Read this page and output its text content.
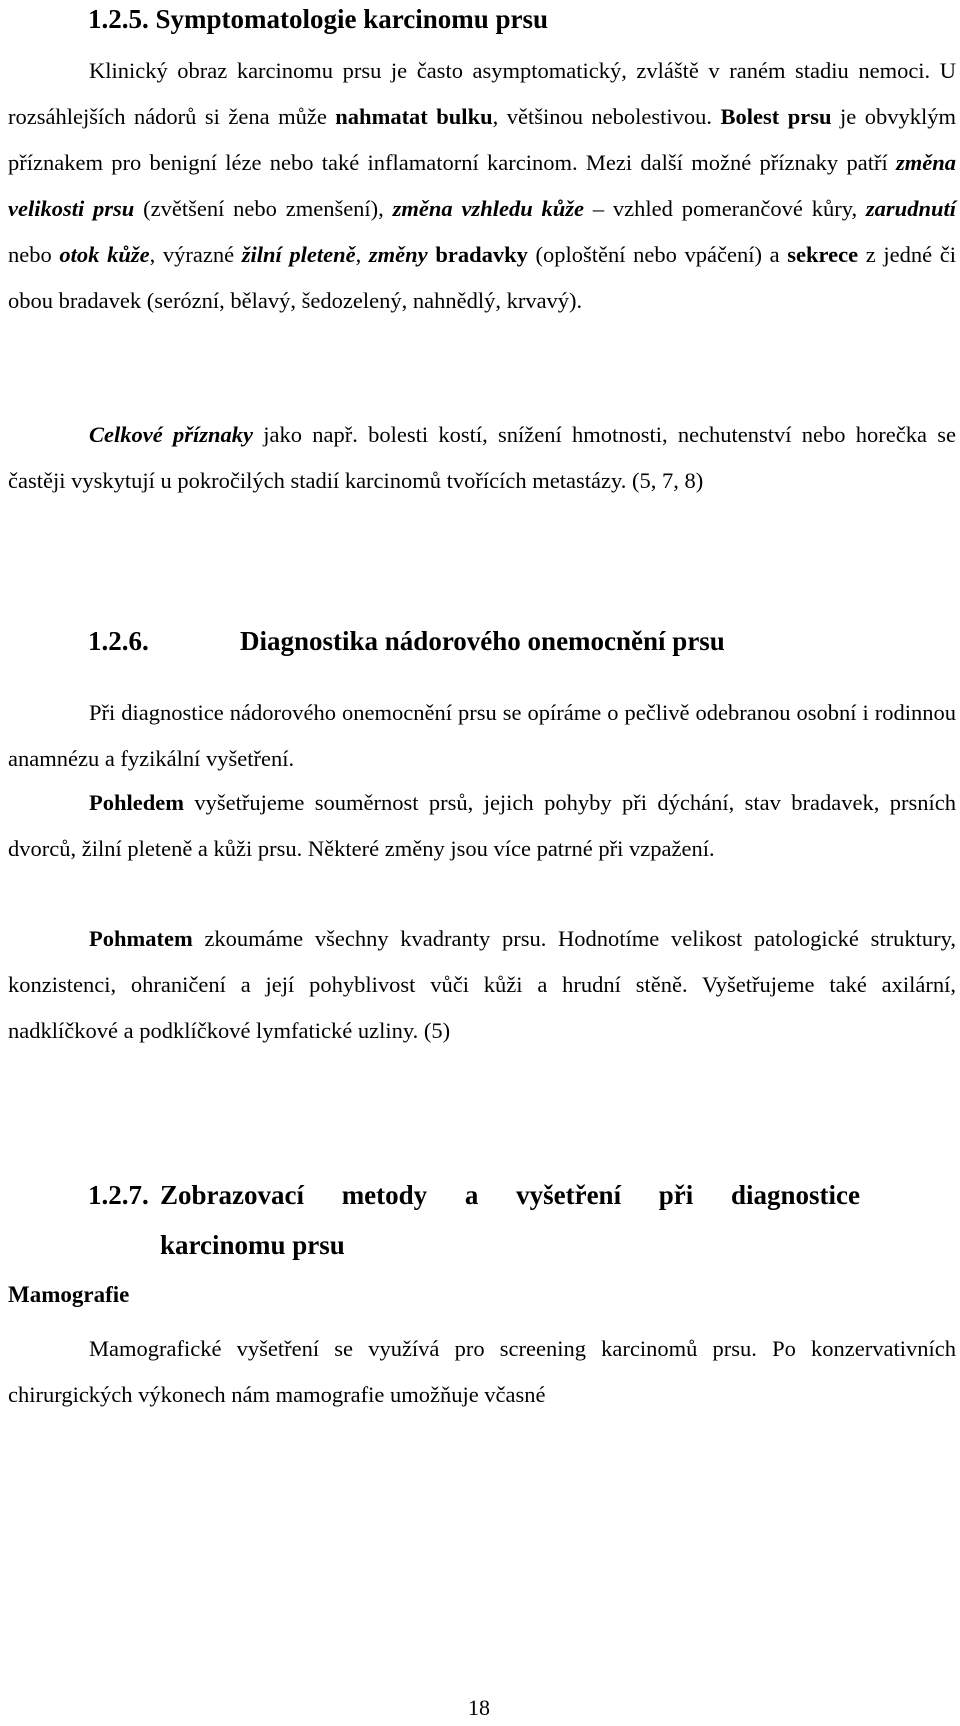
1.2.5. Symptomatologie karcinomu prsu

Klinický obraz karcinomu prsu je často asymptomatický, zvláště v raném stadiu nemoci. U rozsáhlejších nádorů si žena může nahmatat bulku, většinou nebolestivou. Bolest prsu je obvyklým příznakem pro benigní léze nebo také inflamatorní karcinom. Mezi další možné příznaky patří změna velikosti prsu (zvětšení nebo zmenšení), změna vzhledu kůže – vzhled pomerančové kůry, zarudnutí nebo otok kůže, výrazné žilní pleteně, změny bradavky (oploštění nebo vpáčení) a sekrece z jedné či obou bradavek (serózní, bělavý, šedozelený, nahnědlý, krvavý).

Celkové příznaky jako např. bolesti kostí, snížení hmotnosti, nechutenství nebo horečka se častěji vyskytují u pokročilých stadií karcinomů tvořících metastázy. (5, 7, 8)

1.2.6.	Diagnostika nádorového onemocnění prsu

Při diagnostice nádorového onemocnění prsu se opíráme o pečlivě odebranou osobní i rodinnou anamnézu a fyzikální vyšetření.

Pohledem vyšetřujeme souměrnost prsů, jejich pohyby při dýchání, stav bradavek, prsních dvorců, žilní pleteně a kůži prsu. Některé změny jsou více patrné při vzpažení.

Pohmatem zkoumáme všechny kvadranty prsu. Hodnotíme velikost patologické struktury, konzistenci, ohraničení a její pohyblivost vůči kůži a hrudní stěně. Vyšetřujeme také axilární, nadklíčkové a podklíčkové lymfatické uzliny. (5)

1.2.7. Zobrazovací metody a vyšetření při diagnostice
karcinomu prsu
Mamografie

Mamografické vyšetření se využívá pro screening karcinomů prsu. Po konzervativních chirurgických výkonech nám mamografie umožňuje včasné

18
